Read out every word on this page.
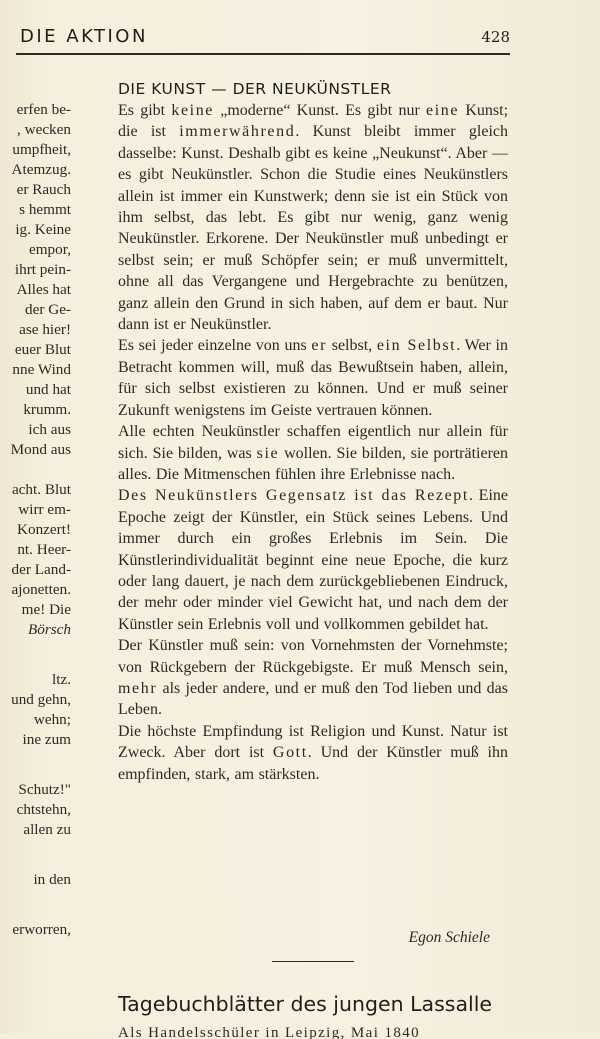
DIE AKTION	428
erfen be-
, wecken
umpfheit,
Atemzug.
er Rauch
s hemmt
ig. Keine
empor,
ihrt pein-
Alles hat
der Ge-
ase hier!
euer Blut
nne Wind
und hat
krumm.
ich aus
Mond aus
acht. Blut
wirr em-
Konzert!
nt. Heer-
der Land-
ajonetten.
me! Die
Börsch
ltz.
und gehn,
wehn;
ine zum
Schutz!"
chtstehn,
allen zu
in den
erworren,
DIE KUNST — DER NEUKÜNSTLER

Es gibt keine „moderne“ Kunst. Es gibt nur eine Kunst; die ist immerwährend. Kunst bleibt immer gleich dasselbe: Kunst. Deshalb gibt es keine „Neukunst“. Aber — es gibt Neukünstler. Schon die Studie eines Neukünstlers allein ist immer ein Kunstwerk; denn sie ist ein Stück von ihm selbst, das lebt. Es gibt nur wenig, ganz wenig Neukünstler. Erkorene. Der Neukünstler muß unbedingt er selbst sein; er muß Schöpfer sein; er muß unvermittelt, ohne all das Vergangene und Hergebrachte zu benützen, ganz allein den Grund in sich haben, auf dem er baut. Nur dann ist er Neukünstler.

Es sei jeder einzelne von uns er selbst, ein Selbst. Wer in Betracht kommen will, muß das Bewußtsein haben, allein, für sich selbst existieren zu können. Und er muß seiner Zukunft wenigstens im Geiste vertrauen können.

Alle echten Neukünstler schaffen eigentlich nur allein für sich. Sie bilden, was sie wollen. Sie bilden, sie porträtieren alles. Die Mitmenschen fühlen ihre Erlebnisse nach.

Des Neukünstlers Gegensatz ist das Rezept. Eine Epoche zeigt der Künstler, ein Stück seines Lebens. Und immer durch ein großes Erlebnis im Sein. Die Künstlerindividualität beginnt eine neue Epoche, die kurz oder lang dauert, je nach dem zurückgebliebenen Eindruck, der mehr oder minder viel Gewicht hat, und nach dem der Künstler sein Erlebnis voll und vollkommen gebildet hat.

Der Künstler muß sein: von Vornehmsten der Vornehmste; von Rückgebern der Rückgebigste. Er muß Mensch sein, mehr als jeder andere, und er muß den Tod lieben und das Leben.

Die höchste Empfindung ist Religion und Kunst. Natur ist Zweck. Aber dort ist Gott. Und der Künstler muß ihn empfinden, stark, am stärksten.

Egon Schiele
Tagebuchblätter des jungen Lassalle
Als Handelsschüler in Leipzig, Mai 1840
